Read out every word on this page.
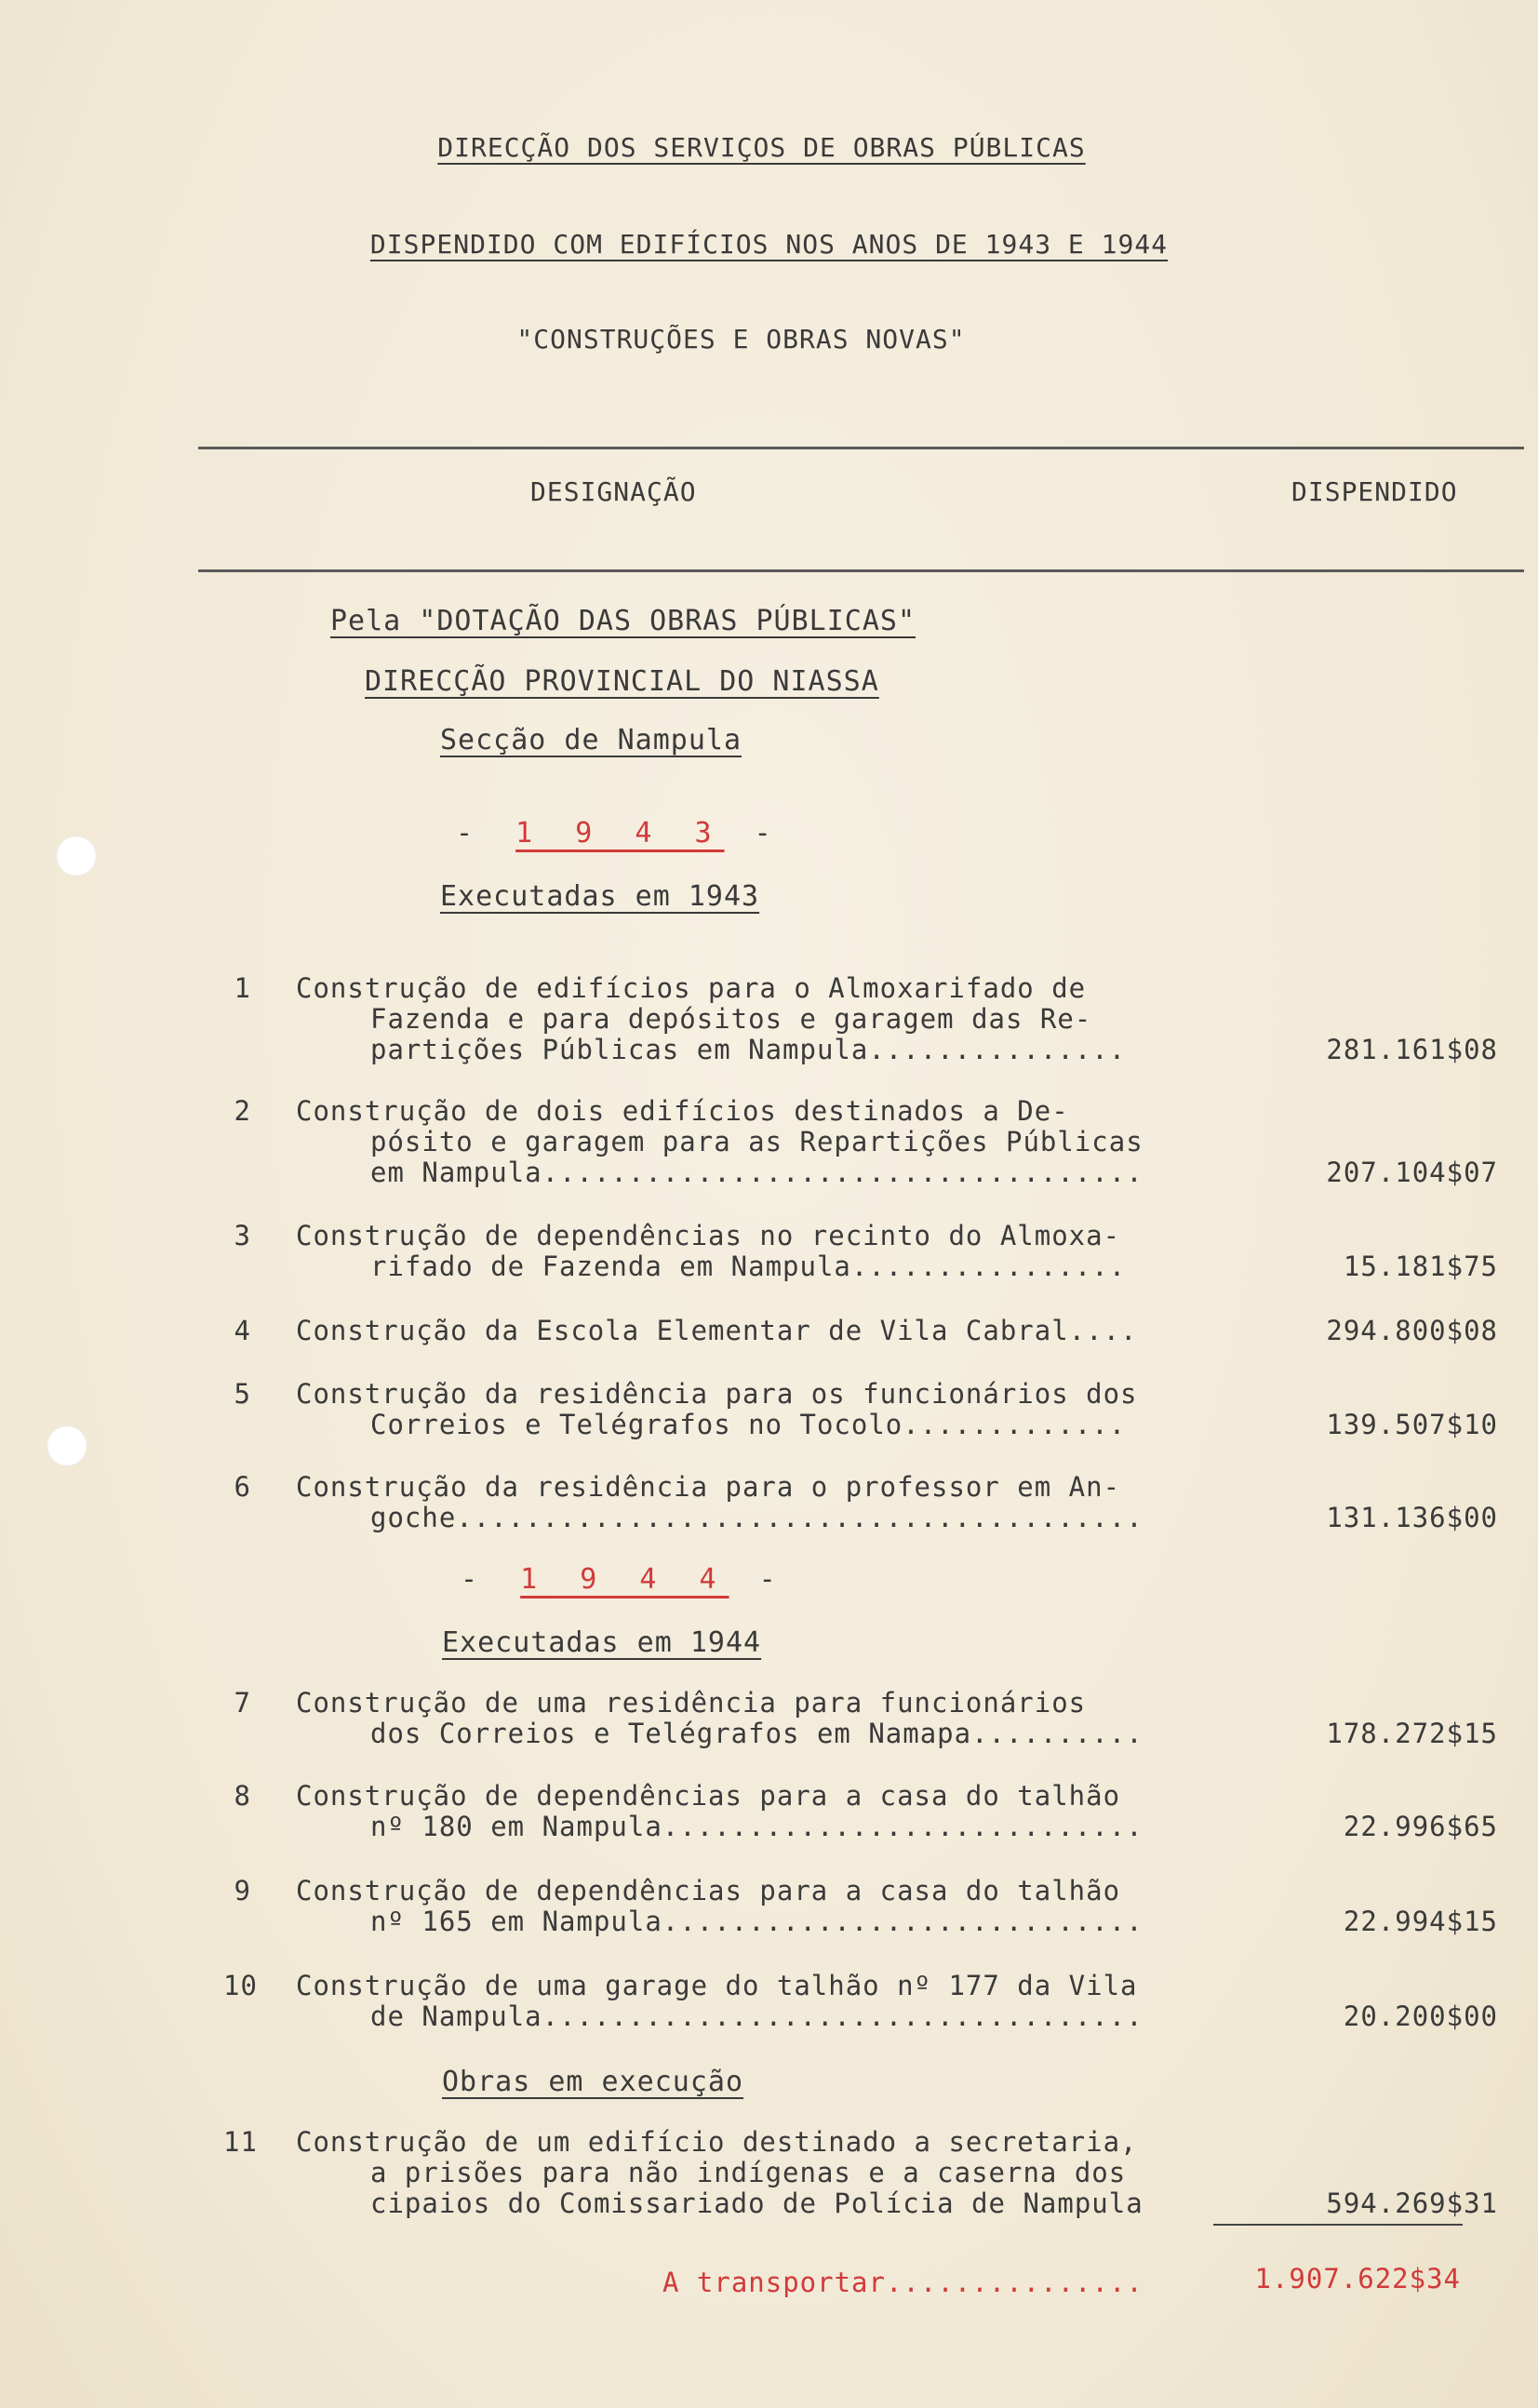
DIRECÇÃO DOS SERVIÇOS DE OBRAS PÚBLICAS
DISPENDIDO COM EDIFÍCIOS NOS ANOS DE 1943 E 1944
"CONSTRUÇÕES E OBRAS NOVAS"
DESIGNAÇÃO	DISPENDIDO
Pela "DOTAÇÃO DAS OBRAS PÚBLICAS"
DIRECÇÃO PROVINCIAL DO NIASSA
Secção de Nampula
- 1 9 4 3 -
Executadas em 1943
1 Construção de edifícios para o Almoxarifado de
Fazenda e para depósitos e garagem das Re-
partições Públicas em Nampula...............	281.161$08
2 Construção de dois edifícios destinados a De-
pósito e garagem para as Repartições Públicas
em Nampula...................................	207.104$07
3 Construção de dependências no recinto do Almoxa-
rifado de Fazenda em Nampula................	15.181$75
4 Construção da Escola Elementar de Vila Cabral....	294.800$08
5 Construção da residência para os funcionários dos
Correios e Telégrafos no Tocolo.............	139.507$10
6 Construção da residência para o professor em An-
goche........................................	131.136$00
- 1 9 4 4 -
Executadas em 1944
7 Construção de uma residência para funcionários
dos Correios e Telégrafos em Namapa..........	178.272$15
8 Construção de dependências para a casa do talhão
nº 180 em Nampula............................	22.996$65
9 Construção de dependências para a casa do talhão
nº 165 em Nampula............................	22.994$15
10 Construção de uma garage do talhão nº 177 da Vila
de Nampula...................................	20.200$00
Obras em execução
11 Construção de um edifício destinado a secretaria,
a prisões para não indígenas e a caserna dos
cipaios do Comissariado de Polícia de Nampula	594.269$31
A transportar...............	1.907.622$34
